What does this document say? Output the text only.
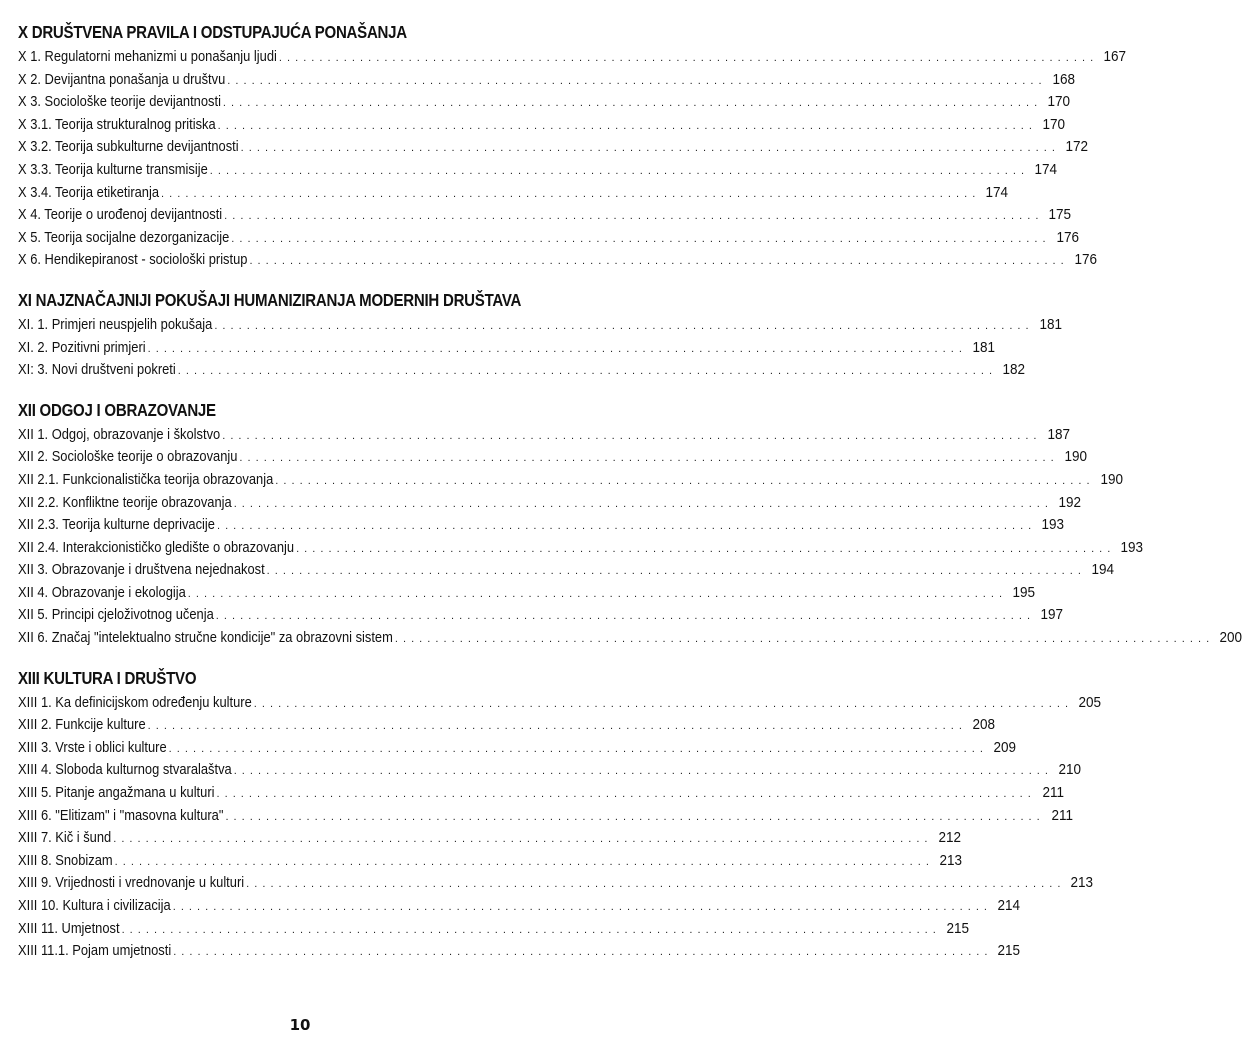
X DRUŠTVENA PRAVILA I ODSTUPAJUĆA PONAŠANJA
X 1. Regulatorni mehanizmi u ponašanju ljudi . . . . . . . . . . . . . . . . . . . . . . . . . . . . . . . . . . . . . . . . . . . . . . . . . . . . . . . . . . . . . . . . . . . . . . . . . . . . . . . . . . . . . . . . . . . . . . . . . . . . . 167
X 2. Devijantna ponašanja u društvu . . . . . . . . . . . . . . . . . . . . . . . . . . . . . . . . . . . . . . . . . . . . . . . . . . . . . . . . . . . . . . . . . . . . . . . . . . . . . . . . . . . . . . . . . . . . . . . . . . . . . 168
X 3. Sociološke teorije devijantnosti . . . . . . . . . . . . . . . . . . . . . . . . . . . . . . . . . . . . . . . . . . . . . . . . . . . . . . . . . . . . . . . . . . . . . . . . . . . . . . . . . . . . . . . . . . . . . . . . . . . . . 170
X 3.1. Teorija strukturalnog pritiska . . . . . . . . . . . . . . . . . . . . . . . . . . . . . . . . . . . . . . . . . . . . . . . . . . . . . . . . . . . . . . . . . . . . . . . . . . . . . . . . . . . . . . . . . . . . . . . . . . . . . 170
X 3.2. Teorija subkulturne devijantnosti . . . . . . . . . . . . . . . . . . . . . . . . . . . . . . . . . . . . . . . . . . . . . . . . . . . . . . . . . . . . . . . . . . . . . . . . . . . . . . . . . . . . . . . . . . . . . . . . . . . . . 172
X 3.3. Teorija kulturne transmisije . . . . . . . . . . . . . . . . . . . . . . . . . . . . . . . . . . . . . . . . . . . . . . . . . . . . . . . . . . . . . . . . . . . . . . . . . . . . . . . . . . . . . . . . . . . . . . . . . . . . . 174
X 3.4. Teorija etiketiranja . . . . . . . . . . . . . . . . . . . . . . . . . . . . . . . . . . . . . . . . . . . . . . . . . . . . . . . . . . . . . . . . . . . . . . . . . . . . . . . . . . . . . . . . . . . . . . . . . . . . . 174
X 4. Teorije o urođenoj devijantnosti . . . . . . . . . . . . . . . . . . . . . . . . . . . . . . . . . . . . . . . . . . . . . . . . . . . . . . . . . . . . . . . . . . . . . . . . . . . . . . . . . . . . . . . . . . . . . . . . . . . . . 175
X 5. Teorija socijalne dezorganizacije . . . . . . . . . . . . . . . . . . . . . . . . . . . . . . . . . . . . . . . . . . . . . . . . . . . . . . . . . . . . . . . . . . . . . . . . . . . . . . . . . . . . . . . . . . . . . . . . . . . . . 176
X 6. Hendikepiranost - sociološki pristup . . . . . . . . . . . . . . . . . . . . . . . . . . . . . . . . . . . . . . . . . . . . . . . . . . . . . . . . . . . . . . . . . . . . . . . . . . . . . . . . . . . . . . . . . . . . . . . . . . . . . 176
XI NAJZNAČAJNIJI POKUŠAJI HUMANIZIRANJA MODERNIH DRUŠTAVA
XI. 1. Primjeri neuspjelih pokušaja . . . . . . . . . . . . . . . . . . . . . . . . . . . . . . . . . . . . . . . . . . . . . . . . . . . . . . . . . . . . . . . . . . . . . . . . . . . . . . . . . . . . . . . . . . . . . . . . . . . . . 181
XI. 2. Pozitivni primjeri . . . . . . . . . . . . . . . . . . . . . . . . . . . . . . . . . . . . . . . . . . . . . . . . . . . . . . . . . . . . . . . . . . . . . . . . . . . . . . . . . . . . . . . . . . . . . . . . . . . . . 181
XI: 3. Novi društveni pokreti . . . . . . . . . . . . . . . . . . . . . . . . . . . . . . . . . . . . . . . . . . . . . . . . . . . . . . . . . . . . . . . . . . . . . . . . . . . . . . . . . . . . . . . . . . . . . . . . . . . . . 182
XII ODGOJ I OBRAZOVANJE
XII 1. Odgoj, obrazovanje i školstvo . . . . . . . . . . . . . . . . . . . . . . . . . . . . . . . . . . . . . . . . . . . . . . . . . . . . . . . . . . . . . . . . . . . . . . . . . . . . . . . . . . . . . . . . . . . . . . . . . . . . . 187
XII 2. Sociološke teorije o obrazovanju . . . . . . . . . . . . . . . . . . . . . . . . . . . . . . . . . . . . . . . . . . . . . . . . . . . . . . . . . . . . . . . . . . . . . . . . . . . . . . . . . . . . . . . . . . . . . . . . . . . . . 190
XII 2.1. Funkcionalistička teorija obrazovanja . . . . . . . . . . . . . . . . . . . . . . . . . . . . . . . . . . . . . . . . . . . . . . . . . . . . . . . . . . . . . . . . . . . . . . . . . . . . . . . . . . . . . . . . . . . . . . . . . . . . . 190
XII 2.2. Konfliktne teorije obrazovanja . . . . . . . . . . . . . . . . . . . . . . . . . . . . . . . . . . . . . . . . . . . . . . . . . . . . . . . . . . . . . . . . . . . . . . . . . . . . . . . . . . . . . . . . . . . . . . . . . . . . . 192
XII 2.3. Teorija kulturne deprivacije . . . . . . . . . . . . . . . . . . . . . . . . . . . . . . . . . . . . . . . . . . . . . . . . . . . . . . . . . . . . . . . . . . . . . . . . . . . . . . . . . . . . . . . . . . . . . . . . . . . . . 193
XII 2.4. Interakcionističko gledište o obrazovanju . . . . . . . . . . . . . . . . . . . . . . . . . . . . . . . . . . . . . . . . . . . . . . . . . . . . . . . . . . . . . . . . . . . . . . . . . . . . . . . . . . . . . . . . . . . . . . . . . . . . . 193
XII 3. Obrazovanje i društvena nejednakost . . . . . . . . . . . . . . . . . . . . . . . . . . . . . . . . . . . . . . . . . . . . . . . . . . . . . . . . . . . . . . . . . . . . . . . . . . . . . . . . . . . . . . . . . . . . . . . . . . . . . 194
XII 4. Obrazovanje i ekologija . . . . . . . . . . . . . . . . . . . . . . . . . . . . . . . . . . . . . . . . . . . . . . . . . . . . . . . . . . . . . . . . . . . . . . . . . . . . . . . . . . . . . . . . . . . . . . . . . . . . . 195
XII 5. Principi cjeloživotnog učenja . . . . . . . . . . . . . . . . . . . . . . . . . . . . . . . . . . . . . . . . . . . . . . . . . . . . . . . . . . . . . . . . . . . . . . . . . . . . . . . . . . . . . . . . . . . . . . . . . . . . . 197
XII 6. Značaj "intelektualno stručne kondicije" za obrazovni sistem . . . . . . . . . . . . . . . . . . . . . . . . . . . . . . . . . . . . . . . . . . . . . . . . . . . . . . . . . . . . . . . . . . . . . . . . . . . . . . . . . . . . . . . . . . . . . . . . . . . . . 200
XIII KULTURA I DRUŠTVO
XIII 1. Ka definicijskom određenju kulture . . . . . . . . . . . . . . . . . . . . . . . . . . . . . . . . . . . . . . . . . . . . . . . . . . . . . . . . . . . . . . . . . . . . . . . . . . . . . . . . . . . . . . . . . . . . . . . . . . . . . 205
XIII 2. Funkcije kulture . . . . . . . . . . . . . . . . . . . . . . . . . . . . . . . . . . . . . . . . . . . . . . . . . . . . . . . . . . . . . . . . . . . . . . . . . . . . . . . . . . . . . . . . . . . . . . . . . . . . . 208
XIII 3. Vrste i oblici kulture . . . . . . . . . . . . . . . . . . . . . . . . . . . . . . . . . . . . . . . . . . . . . . . . . . . . . . . . . . . . . . . . . . . . . . . . . . . . . . . . . . . . . . . . . . . . . . . . . . . . . 209
XIII 4. Sloboda kulturnog stvaralaštva . . . . . . . . . . . . . . . . . . . . . . . . . . . . . . . . . . . . . . . . . . . . . . . . . . . . . . . . . . . . . . . . . . . . . . . . . . . . . . . . . . . . . . . . . . . . . . . . . . . . . 210
XIII 5. Pitanje angažmana u kulturi . . . . . . . . . . . . . . . . . . . . . . . . . . . . . . . . . . . . . . . . . . . . . . . . . . . . . . . . . . . . . . . . . . . . . . . . . . . . . . . . . . . . . . . . . . . . . . . . . . . . . 211
XIII 6. "Elitizam" i "masovna kultura" . . . . . . . . . . . . . . . . . . . . . . . . . . . . . . . . . . . . . . . . . . . . . . . . . . . . . . . . . . . . . . . . . . . . . . . . . . . . . . . . . . . . . . . . . . . . . . . . . . . . . 211
XIII 7. Kič i šund . . . . . . . . . . . . . . . . . . . . . . . . . . . . . . . . . . . . . . . . . . . . . . . . . . . . . . . . . . . . . . . . . . . . . . . . . . . . . . . . . . . . . . . . . . . . . . . . . . . . . 212
XIII 8. Snobizam . . . . . . . . . . . . . . . . . . . . . . . . . . . . . . . . . . . . . . . . . . . . . . . . . . . . . . . . . . . . . . . . . . . . . . . . . . . . . . . . . . . . . . . . . . . . . . . . . . . . . 213
XIII 9. Vrijednosti i vrednovanje u kulturi . . . . . . . . . . . . . . . . . . . . . . . . . . . . . . . . . . . . . . . . . . . . . . . . . . . . . . . . . . . . . . . . . . . . . . . . . . . . . . . . . . . . . . . . . . . . . . . . . . . . . 213
XIII 10. Kultura i civilizacija . . . . . . . . . . . . . . . . . . . . . . . . . . . . . . . . . . . . . . . . . . . . . . . . . . . . . . . . . . . . . . . . . . . . . . . . . . . . . . . . . . . . . . . . . . . . . . . . . . . . . 214
XIII 11. Umjetnost . . . . . . . . . . . . . . . . . . . . . . . . . . . . . . . . . . . . . . . . . . . . . . . . . . . . . . . . . . . . . . . . . . . . . . . . . . . . . . . . . . . . . . . . . . . . . . . . . . . . . 215
XIII 11.1. Pojam umjetnosti . . . . . . . . . . . . . . . . . . . . . . . . . . . . . . . . . . . . . . . . . . . . . . . . . . . . . . . . . . . . . . . . . . . . . . . . . . . . . . . . . . . . . . . . . . . . . . . . . . . . . 215
10
